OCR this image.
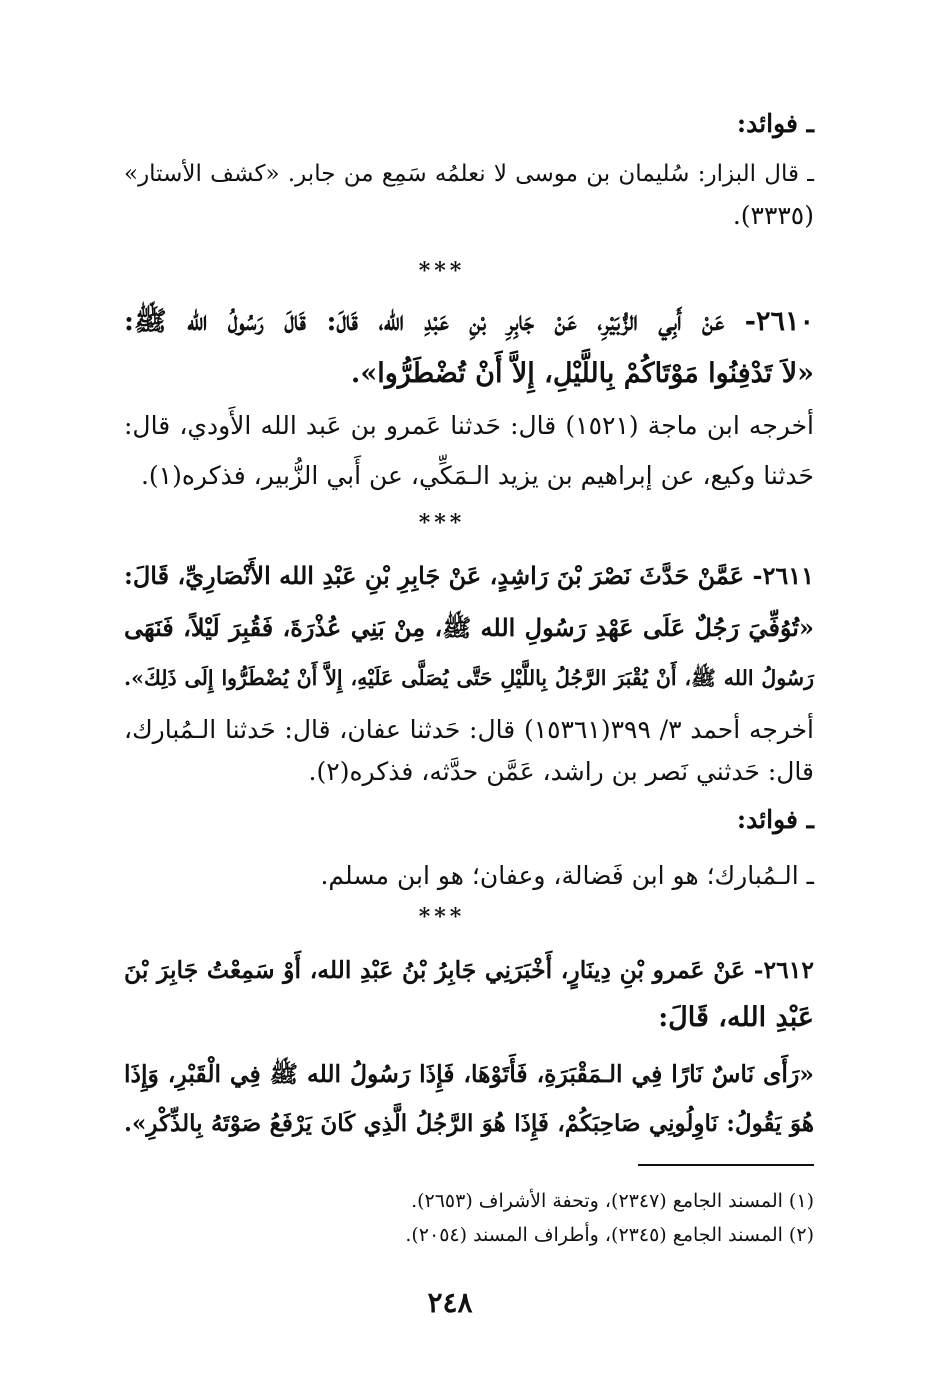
ـ فوائد:
ـ قال البزار: سُليمان بن موسى لا نعلمُه سَمِع من جابر. «كشف الأستار»
(٣٣٣٥).
***
٢٦١٠- عَنْ أَبِي الزُّبَيْرِ، عَنْ جَابِرِ بْنِ عَبْدِ الله، قَالَ: قَالَ رَسُولُ الله ﷺ:
«لاَ تَدْفِنُوا مَوْتَاكُمْ بِاللَّيْلِ، إِلاَّ أَنْ تُضْطَرُّوا».
أخرجه ابن ماجة (١٥٢١) قال: حَدثنا عَمرو بن عَبد الله الأَودي، قال:
حَدثنا وكيع، عن إبراهيم بن يزيد الـمَكِّي، عن أَبي الزُّبير، فذكره(١).
***
٢٦١١- عَمَّنْ حَدَّثَ نَصْرَ بْنَ رَاشِدٍ، عَنْ جَابِرِ بْنِ عَبْدِ الله الأَنْصَارِيِّ، قَالَ:
«تُوُفِّيَ رَجُلٌ عَلَى عَهْدِ رَسُولِ الله ﷺ، مِنْ بَنِي عُذْرَةَ، فَقُبِرَ لَيْلاً، فَنَهَى
رَسُولُ الله ﷺ، أَنْ يُقْبَرَ الرَّجُلُ بِاللَّيْلِ حَتَّى يُصَلَّى عَلَيْهِ، إِلاَّ أَنْ يُضْطَرُّوا إِلَى ذَلِكَ».
أخرجه أحمد ٣/ ٣٩٩(١٥٣٦١) قال: حَدثنا عفان، قال: حَدثنا الـمُبارك،
قال: حَدثني نَصر بن راشد، عَمَّن حدَّثه، فذكره(٢).
ـ فوائد:
ـ الـمُبارك؛ هو ابن فَضالة، وعفان؛ هو ابن مسلم.
***
٢٦١٢- عَنْ عَمرو بْنِ دِينَارٍ، أَخْبَرَنِي جَابِرُ بْنُ عَبْدِ الله، أَوْ سَمِعْتُ جَابِرَ بْنَ
عَبْدِ الله، قَالَ:
«رَأَى نَاسٌ نَارًا فِي الـمَقْبَرَةِ، فَأَتَوْهَا، فَإِذَا رَسُولُ الله ﷺ فِي الْقَبْرِ، وَإِذَا
هُوَ يَقُولُ: نَاوِلُونِي صَاحِبَكُمْ، فَإِذَا هُوَ الرَّجُلُ الَّذِي كَانَ يَرْفَعُ صَوْتَهُ بِالذِّكْرِ».
(١) المسند الجامع (٢٣٤٧)، وتحفة الأشراف (٢٦٥٣).
(٢) المسند الجامع (٢٣٤٥)، وأطراف المسند (٢٠٥٤).
٢٤٨
